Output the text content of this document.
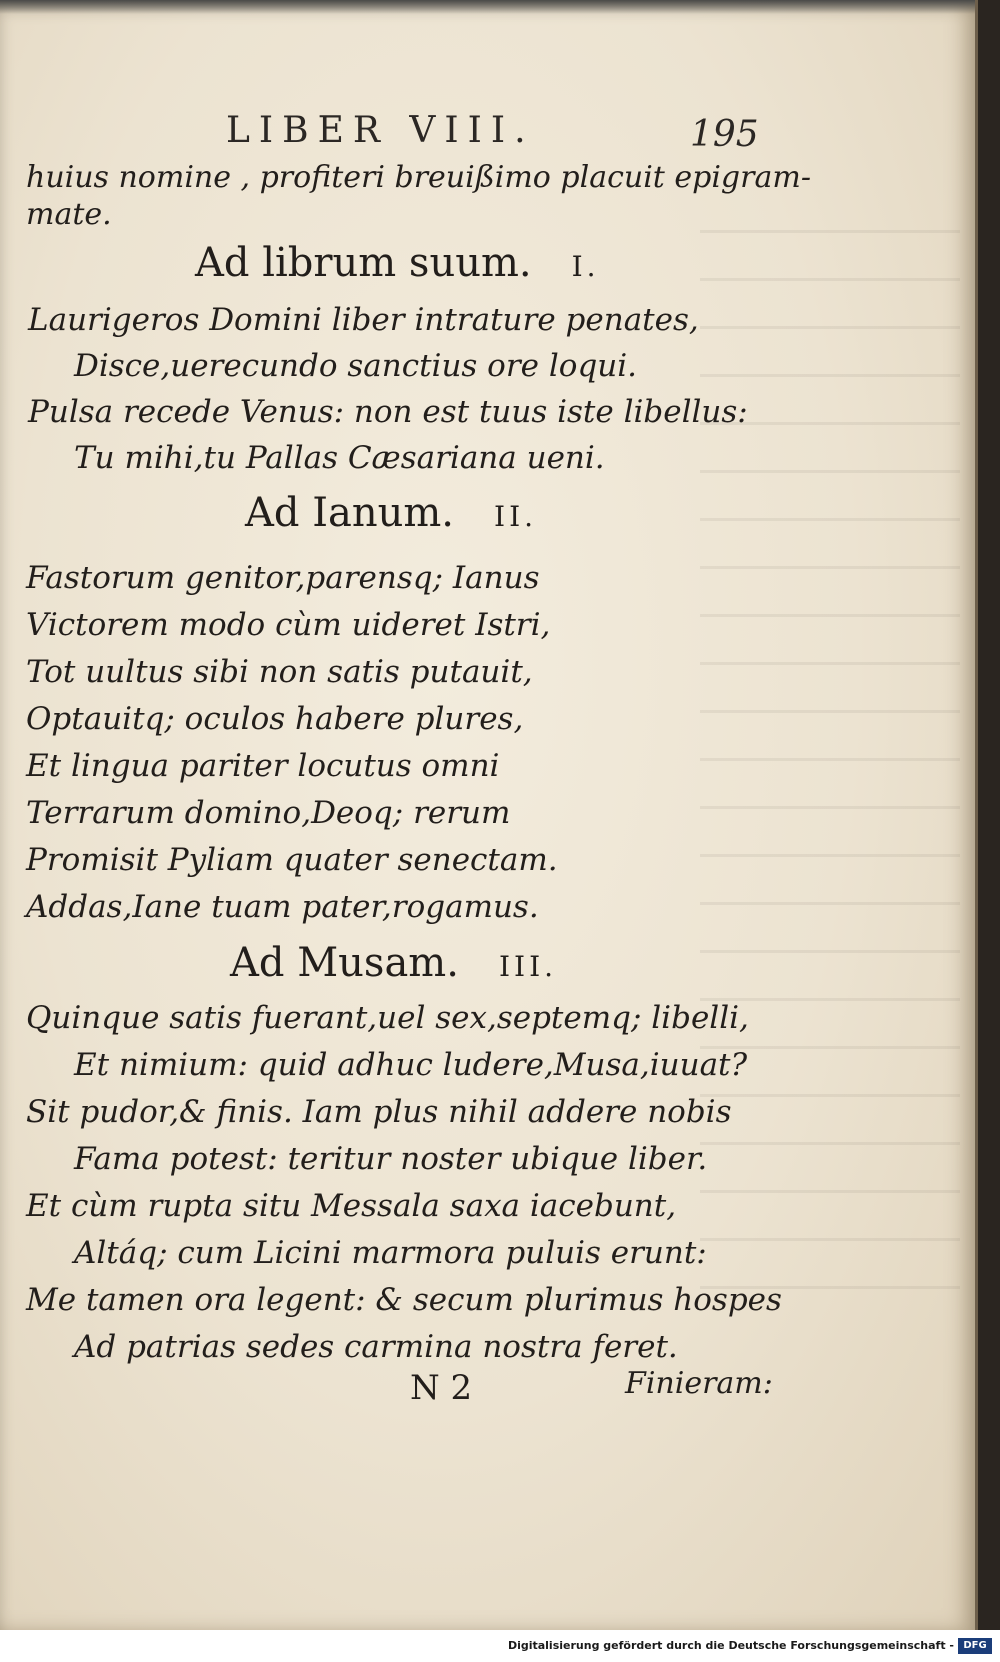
LIBER VIII.	195
huius nomine , profiteri breuißimo placuit epigram-
mate.
Ad librum suum. I.
Laurigeros Domini liber intrature penates,
Disce,uerecundo sanctius ore loqui.
Pulsa recede Venus: non est tuus iste libellus:
Tu mihi,tu Pallas Cæsariana ueni.
Ad Ianum. II.
Fastorum genitor,parensq; Ianus
Victorem modo cùm uideret Istri,
Tot uultus sibi non satis putauit,
Optauitq; oculos habere plures,
Et lingua pariter locutus omni
Terrarum domino,Deoq; rerum
Promisit Pyliam quater senectam.
Addas,Iane tuam pater,rogamus.
Ad Musam. III.
Quinque satis fuerant,uel sex,septemq; libelli,
Et nimium: quid adhuc ludere,Musa,iuuat?
Sit pudor,& finis. Iam plus nihil addere nobis
Fama potest: teritur noster ubique liber.
Et cùm rupta situ Messala saxa iacebunt,
Altáq; cum Licini marmora puluis erunt:
Me tamen ora legent: & secum plurimus hospes
Ad patrias sedes carmina nostra feret.
N 2	Finieram:
Digitalisierung gefördert durch die Deutsche Forschungsgemeinschaft - DFG
